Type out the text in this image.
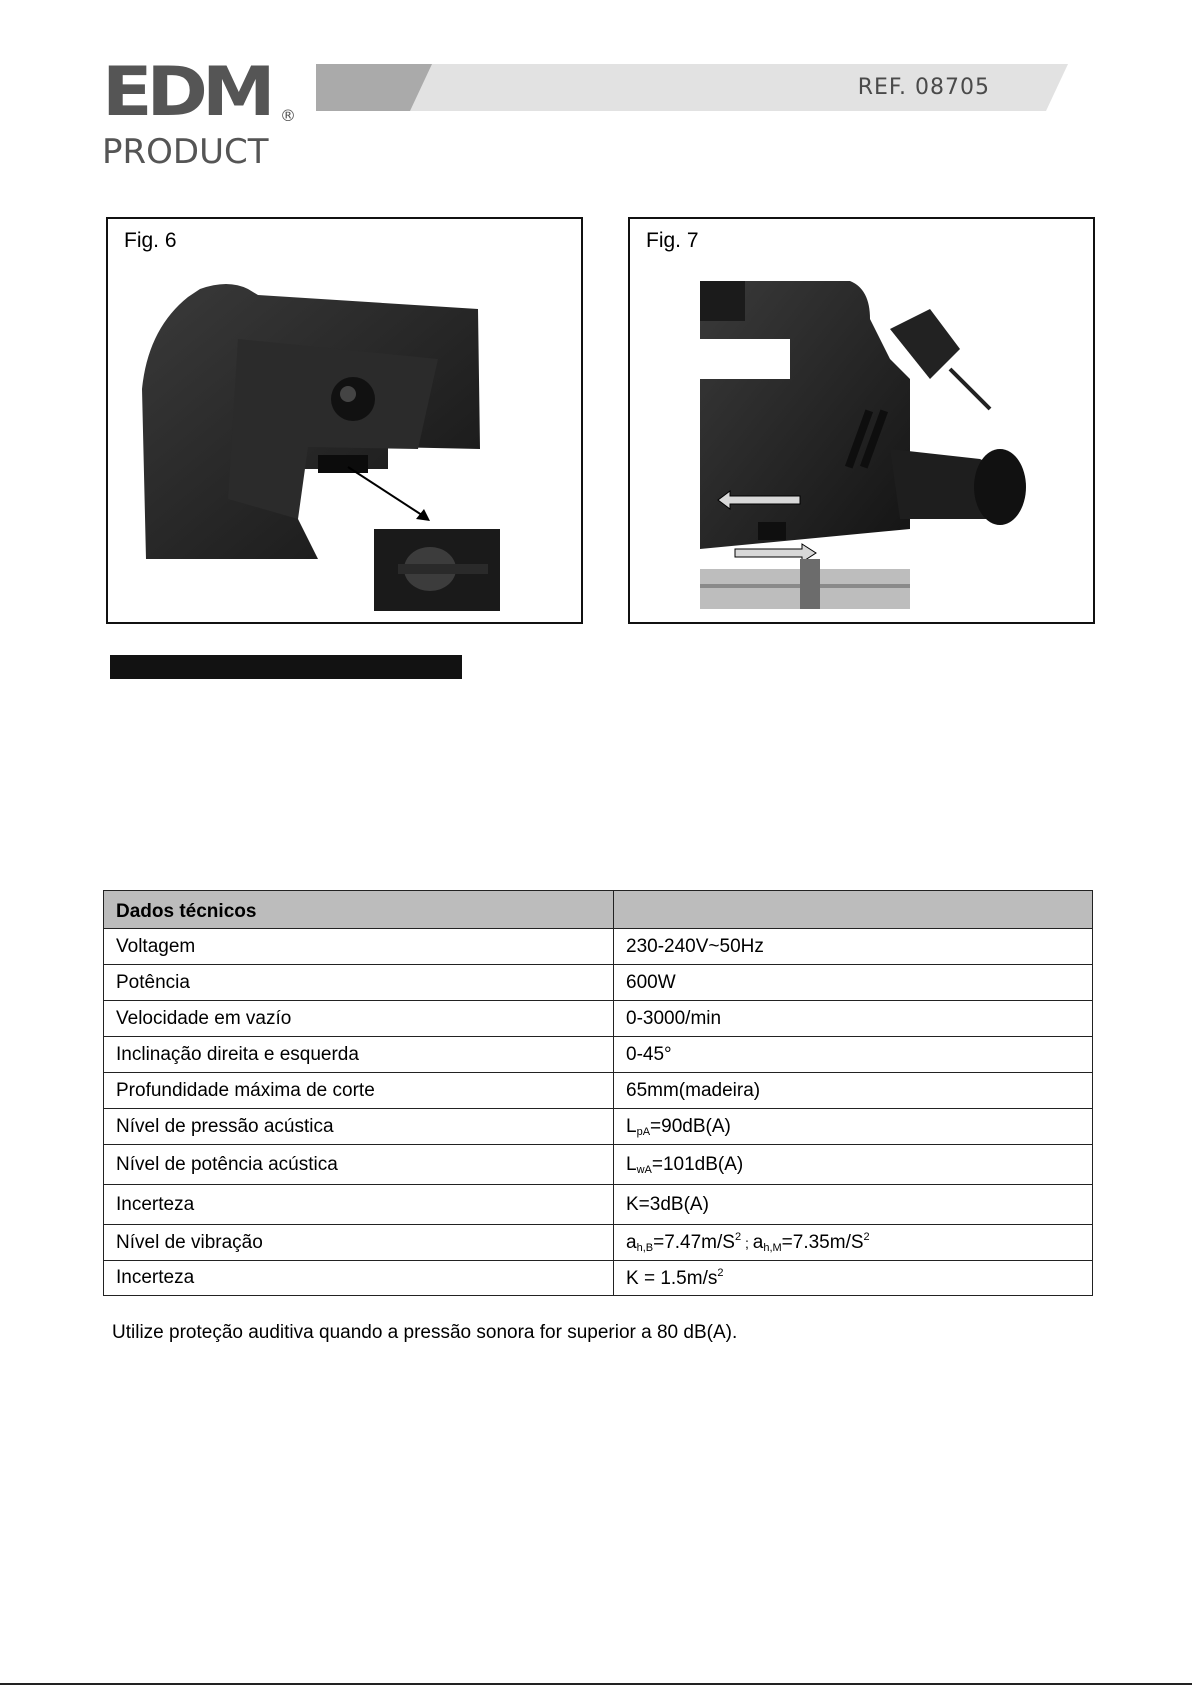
EDM ®
PRODUCT
REF. 08705
Fig. 6	Fig. 7
Dados técnicos	
Voltagem	230-240V~50Hz
Potência	600W
Velocidade em vazío	0-3000/min
Inclinação direita e esquerda	0-45°
Profundidade máxima de corte	65mm(madeira)
Nível de pressão acústica	$L_{pA}=90dB(A)$
Nível de potência acústica	$L_{wA}=101dB(A)$
Incerteza	K=3dB(A)
Nível de vibração	$a_{h,B}=7.47m/S^2$ ; $a_{h,M}=7.35m/S^2$
Incerteza	$K = 1.5m/s^2$
Utilize proteção auditiva quando a pressão sonora for superior a 80 dB(A).
